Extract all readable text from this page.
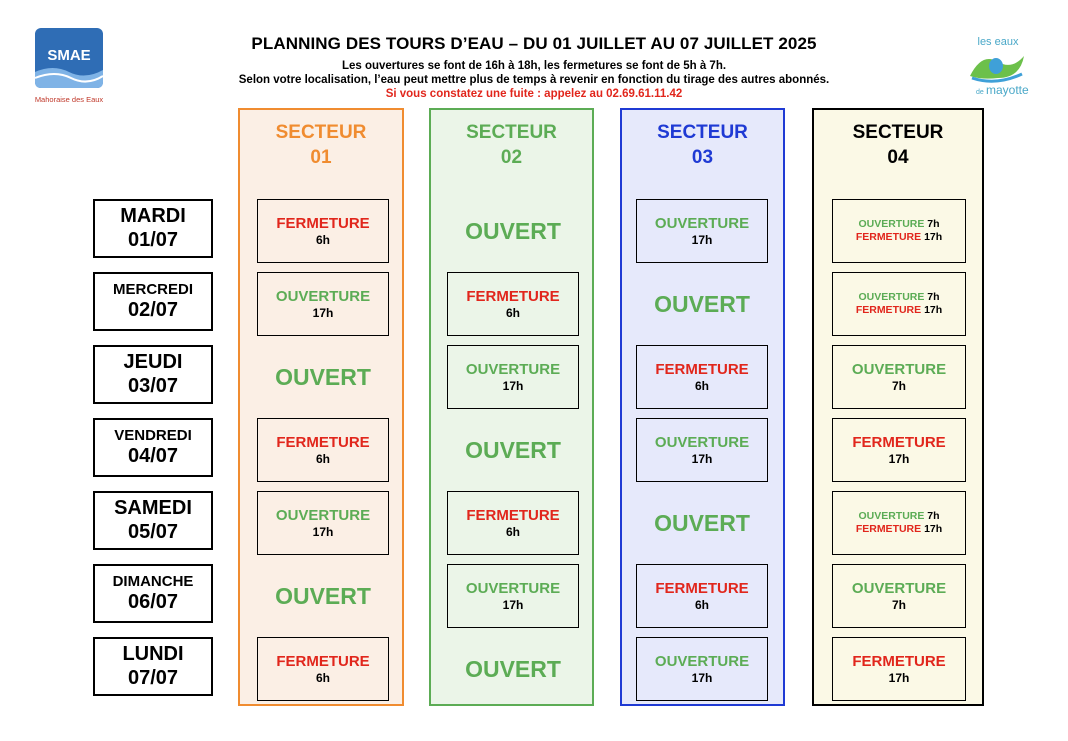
SMAE
Mahoraise des Eaux
les eaux
de mayotte
PLANNING DES TOURS D’EAU – DU 01 JUILLET AU 07 JUILLET 2025
Les ouvertures se font de 16h à 18h, les fermetures se font de 5h à 7h.
Selon votre localisation, l’eau peut mettre plus de temps à revenir en fonction du tirage des autres abonnés.
Si vous constatez une fuite : appelez au 02.69.61.11.42
SECTEUR
01
SECTEUR
02
SECTEUR
03
SECTEUR
04
MARDI
01/07
MERCREDI
02/07
JEUDI
03/07
VENDREDI
04/07
SAMEDI
05/07
DIMANCHE
06/07
LUNDI
07/07
FERMETURE
6h
OUVERTURE
17h
OUVERT
FERMETURE
6h
OUVERTURE
17h
OUVERT
FERMETURE
6h
OUVERT
FERMETURE
6h
OUVERTURE
17h
OUVERT
FERMETURE
6h
OUVERTURE
17h
OUVERT
OUVERTURE
17h
OUVERT
FERMETURE
6h
OUVERTURE
17h
OUVERT
FERMETURE
6h
OUVERTURE
17h
OUVERTURE 7h
FERMETURE 17h
OUVERTURE 7h
FERMETURE 17h
OUVERTURE
7h
FERMETURE
17h
OUVERTURE 7h
FERMETURE 17h
OUVERTURE
7h
FERMETURE
17h
